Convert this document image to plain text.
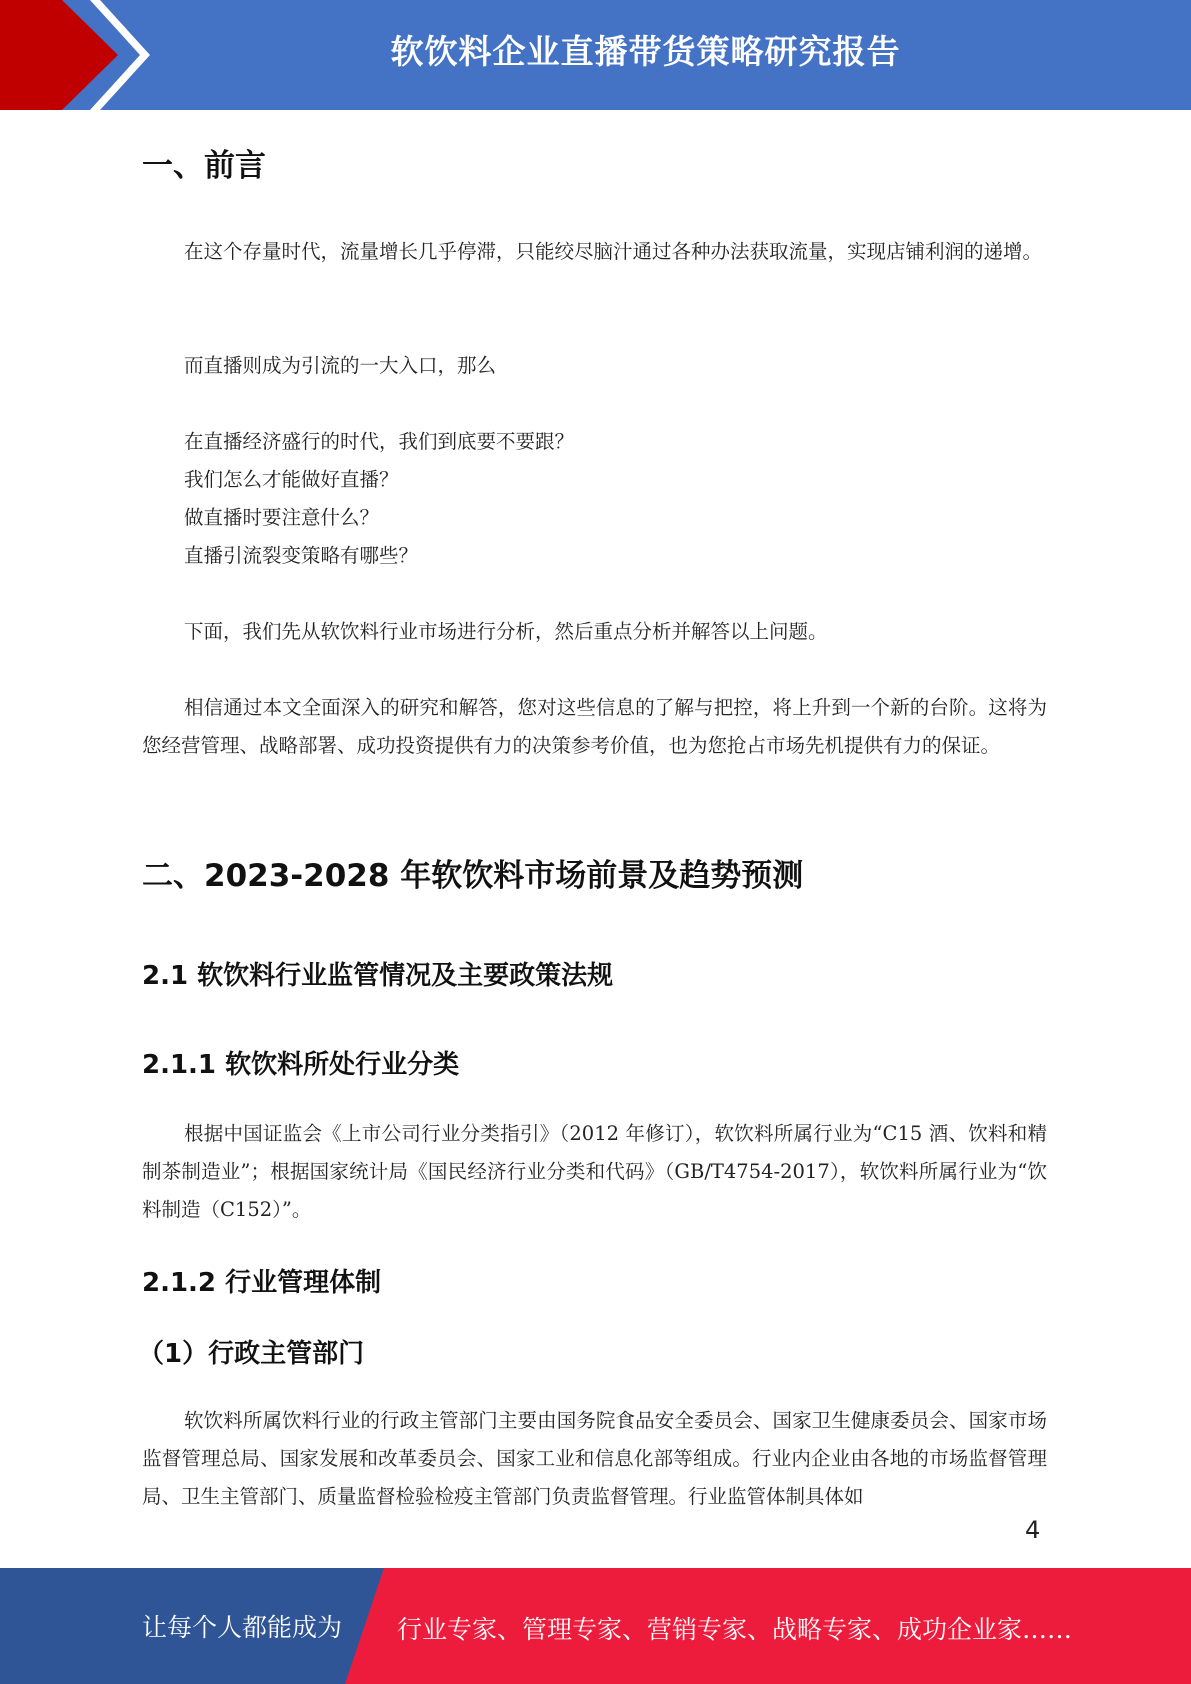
软饮料企业直播带货策略研究报告
一、前言
在这个存量时代，流量增长几乎停滞，只能绞尽脑汁通过各种办法获取流量，实现店铺利润的递增。
而直播则成为引流的一大入口，那么
在直播经济盛行的时代，我们到底要不要跟？
我们怎么才能做好直播？
做直播时要注意什么？
直播引流裂变策略有哪些？
下面，我们先从软饮料行业市场进行分析，然后重点分析并解答以上问题。
相信通过本文全面深入的研究和解答，您对这些信息的了解与把控，将上升到一个新的台阶。这将为您经营管理、战略部署、成功投资提供有力的决策参考价值，也为您抢占市场先机提供有力的保证。
二、2023-2028 年软饮料市场前景及趋势预测
2.1 软饮料行业监管情况及主要政策法规
2.1.1 软饮料所处行业分类
根据中国证监会《上市公司行业分类指引》（2012 年修订），软饮料所属行业为“C15 酒、饮料和精制茶制造业”；根据国家统计局《国民经济行业分类和代码》（GB/T4754-2017），软饮料所属行业为“饮料制造（C152）”。
2.1.2 行业管理体制
（1）行政主管部门
软饮料所属饮料行业的行政主管部门主要由国务院食品安全委员会、国家卫生健康委员会、国家市场监督管理总局、国家发展和改革委员会、国家工业和信息化部等组成。行业内企业由各地的市场监督管理局、卫生主管部门、质量监督检验检疫主管部门负责监督管理。行业监管体制具体如
4
让每个人都能成为 行业专家、管理专家、营销专家、战略专家、成功企业家……
